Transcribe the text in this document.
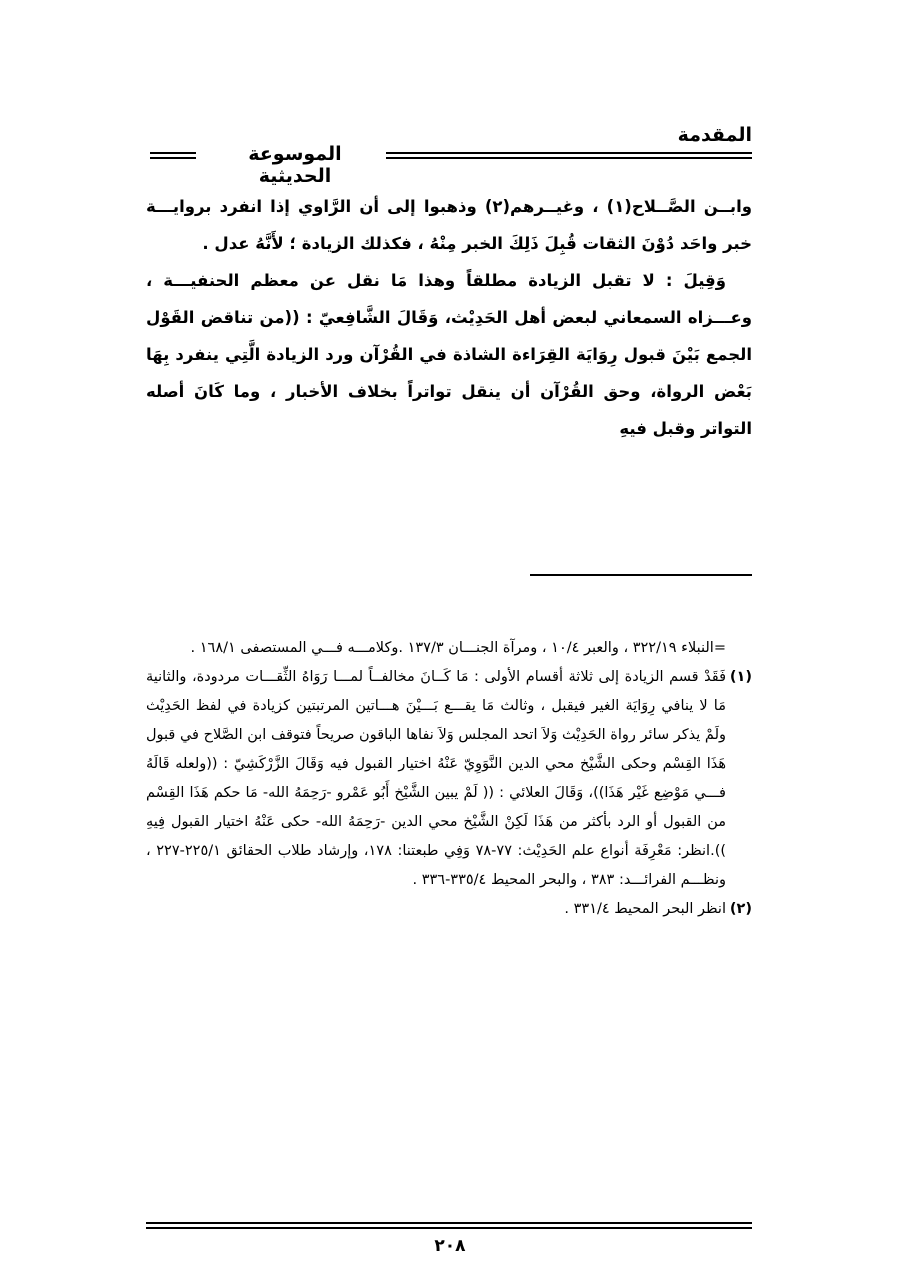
المقدمة
الموسوعة الحديثية

وابــن الصَّــلاح(١) ، وغيــرهم(٢) وذهبوا إلى أن الرَّاوي إذا انفرد بروايـــة خبر واحَد دُوْنَ الثقات قُبِلَ ذَلِكَ الخبر مِنْهُ ، فكذلك الزيادة ؛ لأَنَّهُ عدل .

وَقِيلَ : لا تقبل الزيادة مطلقاً وهذا مَا نقل عن معظم الحنفيـــة ، وعـــزاه السمعاني لبعض أهل الحَدِيْث، وَقَالَ الشَّافِعيّ : ((من تناقض القَوْل الجمع بَيْنَ قبول رِوَايَة القِرَاءة الشاذة في القُرْآن ورد الزيادة الَّتِي ينفرد بِهَا بَعْض الرواة، وحق القُرْآن أن ينقل تواتراً بخلاف الأخبار ، وما كَانَ أصله التواتر وقبل فيهِ

=النبلاء ٣٢٢/١٩ ، والعبر ١٠/٤ ، ومرآة الجنـــان ١٣٧/٣ .وكلامـــه فـــي المستصفى ١٦٨/١ .

(١)

فَقَدْ قسم الزيادة إلى ثلاثة أقسام الأولى : مَا كَــانَ مخالفــاً لمـــا رَوَاهُ الثِّقـــات مردودة، والثانية مَا لا ينافي رِوَايَة الغير فيقبل ، وثالث مَا يقـــع بَـــيْنَ هـــاتين المرتبتين كزيادة في لفظ الحَدِيْث ولَمْ يذكر سائر رواة الحَدِيْث وَلاَ اتحد المجلس وَلاَ نفاها الباقون صريحاً فتوقف ابن الصَّلاح في قبول هَذَا القِسْم وحكى الشَّيْخ محي الدين النَّوَوِيّ عَنْهُ اختيار القبول فيه وَقَالَ الزَّرْكَشِيّ : ((ولعله قَالَهُ فـــي مَوْضِع غَيْر هَذَا))، وَقَالَ العلائي : (( لَمْ يبين الشَّيْخ أَبُو عَمْرو -رَحِمَهُ الله- مَا حكم هَذَا القِسْم من القبول أو الرد بأكثر من هَذَا لَكِنْ الشَّيْخ محي الدين -رَحِمَهُ الله- حكى عَنْهُ اختيار القبول فِيهِ )).انظر: مَعْرِفَة أنواع علم الحَدِيْث: ٧٧-٧٨ وَفِي طبعتنا: ١٧٨، وإرشاد طلاب الحقائق ٢٢٥/١-٢٢٧ ، ونظـــم الفرائـــد: ٣٨٣ ، والبحر المحيط ٣٣٥/٤-٣٣٦ .

(٢)

انظر البحر المحيط ٣٣١/٤ .

٢٠٨
